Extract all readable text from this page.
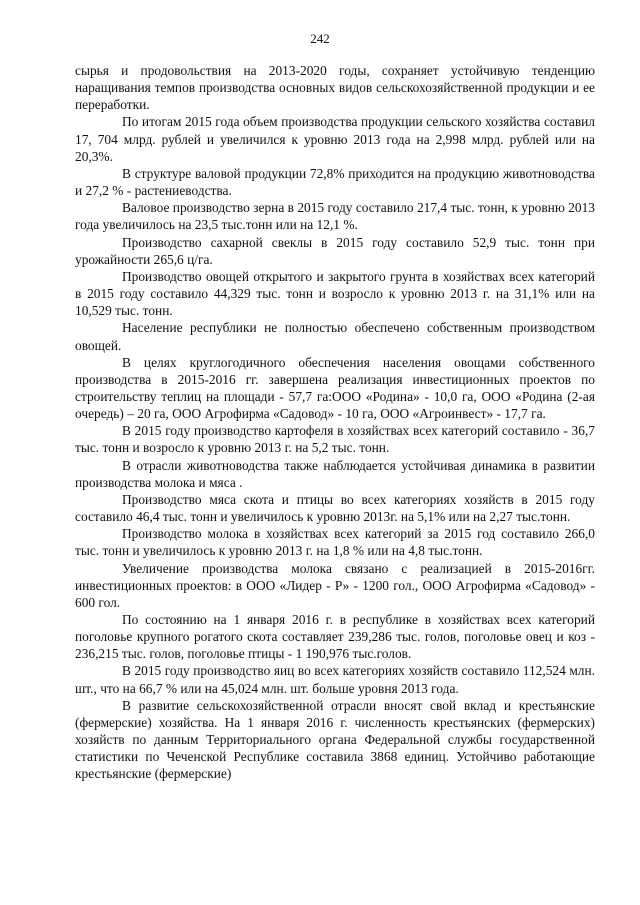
242

сырья и продовольствия на 2013-2020 годы, сохраняет устойчивую тенденцию наращивания темпов производства основных видов сельскохозяйственной продукции и ее переработки.

По итогам 2015 года объем производства продукции сельского хозяйства составил 17, 704 млрд. рублей и увеличился к уровню 2013 года на 2,998 млрд. рублей или на 20,3%.

В структуре валовой продукции 72,8% приходится на продукцию животноводства и 27,2 % - растениеводства.

Валовое производство зерна в 2015 году составило 217,4 тыс. тонн, к уровню 2013 года увеличилось на 23,5 тыс.тонн или на 12,1 %.

Производство сахарной свеклы в 2015 году составило 52,9 тыс. тонн при урожайности 265,6 ц/га.

Производство овощей открытого и закрытого грунта в хозяйствах всех категорий в 2015 году составило 44,329 тыс. тонн и возросло к уровню 2013 г. на 31,1% или на 10,529 тыс. тонн.

Население республики не полностью обеспечено собственным производством овощей.

В целях круглогодичного обеспечения населения овощами собственного производства в 2015-2016 гг. завершена реализация инвестиционных проектов по строительству теплиц на площади - 57,7 га:ООО «Родина» - 10,0 га, ООО «Родина (2-ая очередь) – 20 га, ООО Агрофирма «Садовод» - 10 га, ООО «Агроинвест» - 17,7 га.

В 2015 году производство картофеля в хозяйствах всех категорий составило - 36,7 тыс. тонн и возросло к уровню 2013 г. на 5,2 тыс. тонн.

В отрасли животноводства также наблюдается устойчивая динамика в развитии производства молока и мяса .

Производство мяса скота и птицы во всех категориях хозяйств в 2015 году составило 46,4 тыс. тонн и увеличилось к уровню 2013г. на 5,1% или на 2,27 тыс.тонн.

Производство молока в хозяйствах всех категорий за 2015 год составило 266,0 тыс. тонн и увеличилось к уровню 2013 г. на 1,8 % или на 4,8 тыс.тонн.

Увеличение производства молока связано с реализацией в 2015-2016гг. инвестиционных проектов: в ООО «Лидер - Р» - 1200 гол., ООО Агрофирма «Садовод» - 600 гол.

По состоянию на 1 января 2016 г. в республике в хозяйствах всех категорий поголовье крупного рогатого скота составляет 239,286 тыс. голов, поголовье овец и коз - 236,215 тыс. голов, поголовье птицы - 1 190,976 тыс.голов.

В 2015 году производство яиц во всех категориях хозяйств составило 112,524 млн. шт., что на 66,7 % или на 45,024 млн. шт. больше уровня 2013 года.

В развитие сельскохозяйственной отрасли вносят свой вклад и крестьянские (фермерские) хозяйства. На 1 января 2016 г. численность крестьянских (фермерских) хозяйств по данным Территориального органа Федеральной службы государственной статистики по Чеченской Республике составила 3868 единиц. Устойчиво работающие крестьянские (фермерские)
